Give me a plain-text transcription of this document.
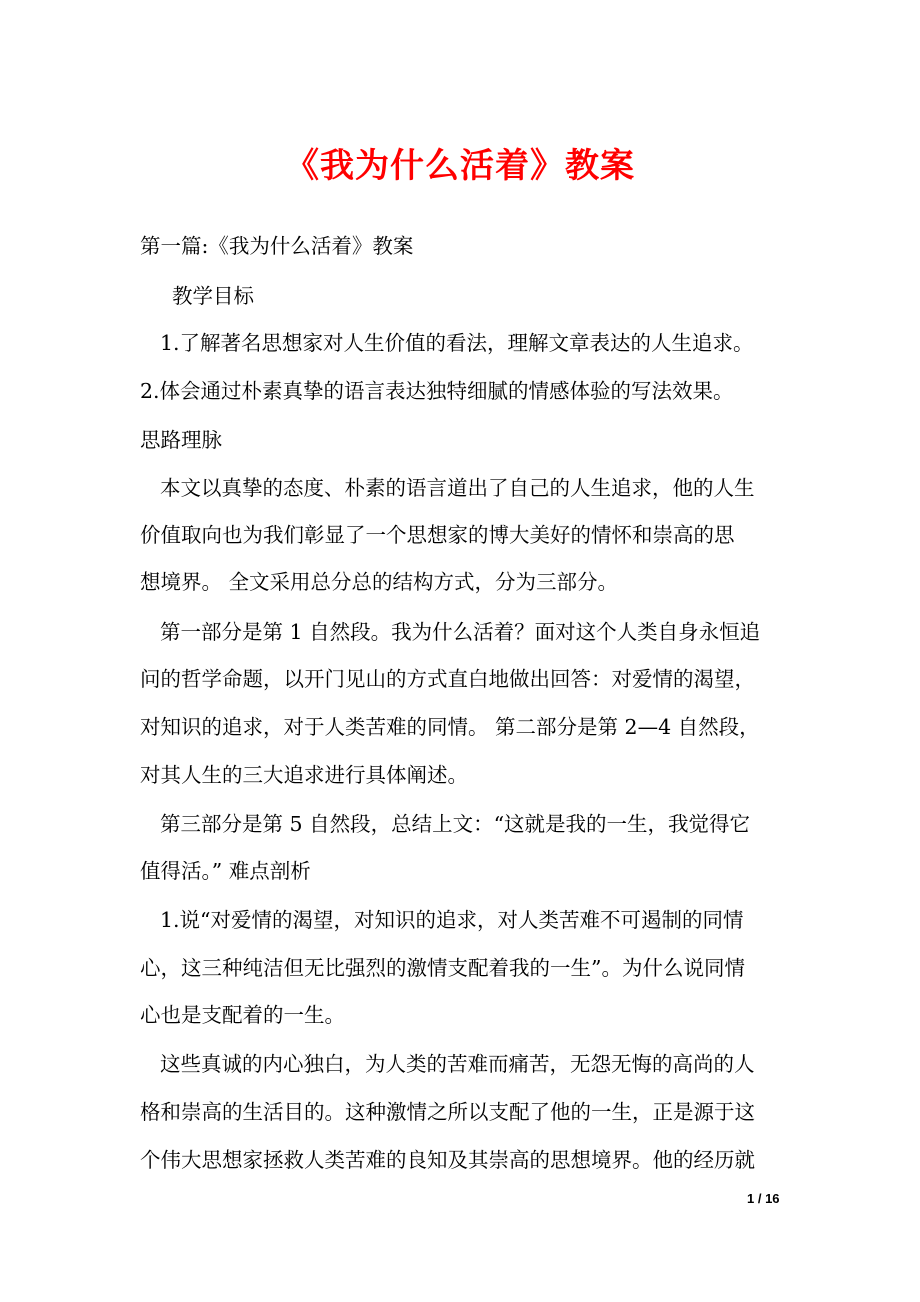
《我为什么活着》教案
第一篇:《我为什么活着》教案
教学目标
1.了解著名思想家对人生价值的看法，理解文章表达的人生追求。
2.体会通过朴素真挚的语言表达独特细腻的情感体验的写法效果。
思路理脉
本文以真挚的态度、朴素的语言道出了自己的人生追求，他的人生
价值取向也为我们彰显了一个思想家的博大美好的情怀和崇高的思
想境界。 全文采用总分总的结构方式，分为三部分。
第一部分是第 1 自然段。我为什么活着？面对这个人类自身永恒追
问的哲学命题，以开门见山的方式直白地做出回答：对爱情的渴望，
对知识的追求，对于人类苦难的同情。 第二部分是第 2—4 自然段，
对其人生的三大追求进行具体阐述。
第三部分是第 5 自然段，总结上文：“这就是我的一生，我觉得它
值得活。” 难点剖析
1.说“对爱情的渴望，对知识的追求，对人类苦难不可遏制的同情
心，这三种纯洁但无比强烈的激情支配着我的一生”。为什么说同情
心也是支配着的一生。
这些真诚的内心独白，为人类的苦难而痛苦，无怨无悔的高尚的人
格和崇高的生活目的。这种激情之所以支配了他的一生，正是源于这
个伟大思想家拯救人类苦难的良知及其崇高的思想境界。他的经历就
1 / 16
